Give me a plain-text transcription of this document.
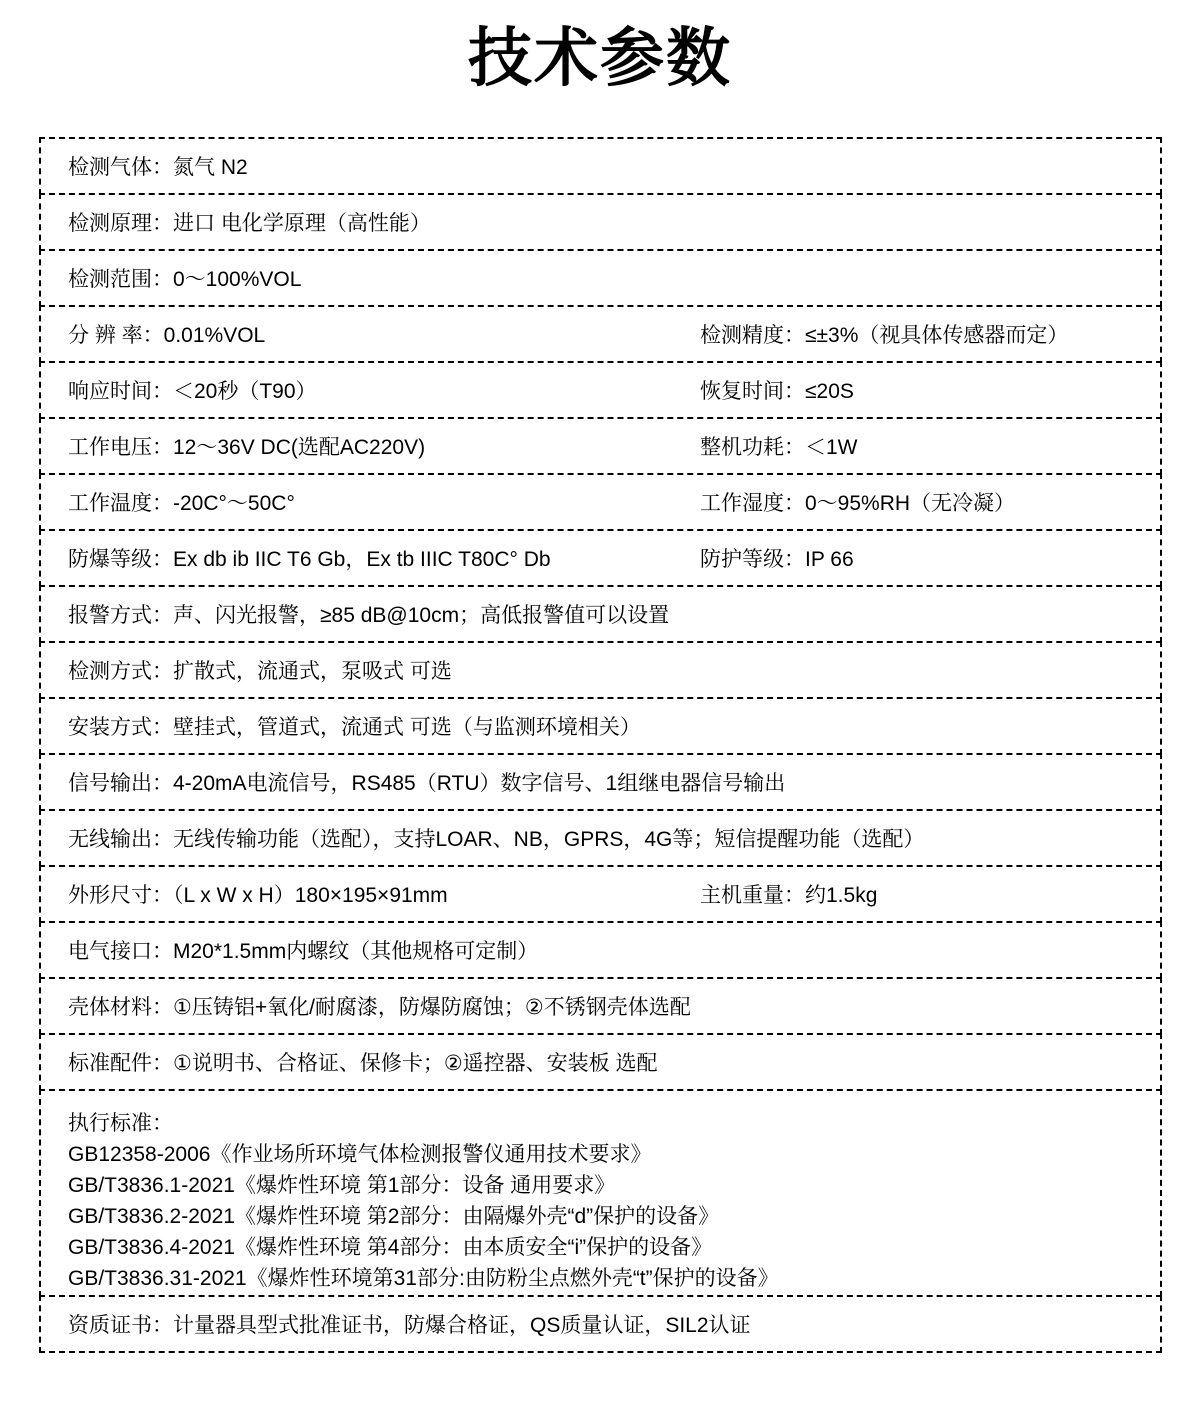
技术参数
检测气体：氮气 N2
检测原理：进口 电化学原理（高性能）
检测范围：0～100%VOL
分 辨 率：0.01%VOL	检测精度：≤±3%（视具体传感器而定）
响应时间：＜20秒（T90）	恢复时间：≤20S
工作电压：12～36V DC(选配AC220V)	整机功耗：＜1W
工作温度：-20C°～50C°	工作湿度：0～95%RH（无冷凝）
防爆等级：Ex db ib IIC T6 Gb，Ex tb IIIC T80C° Db	防护等级：IP 66
报警方式：声、闪光报警，≥85 dB@10cm；高低报警值可以设置
检测方式：扩散式，流通式，泵吸式 可选
安装方式：壁挂式，管道式，流通式 可选（与监测环境相关）
信号输出：4-20mA电流信号，RS485（RTU）数字信号、1组继电器信号输出
无线输出：无线传输功能（选配），支持LOAR、NB，GPRS，4G等；短信提醒功能（选配）
外形尺寸：（L x W x H）180×195×91mm	主机重量：约1.5kg
电气接口：M20*1.5mm内螺纹（其他规格可定制）
壳体材料：①压铸铝+氧化/耐腐漆，防爆防腐蚀；②不锈钢壳体选配
标准配件：①说明书、合格证、保修卡；②遥控器、安装板 选配
执行标准：
GB12358-2006《作业场所环境气体检测报警仪通用技术要求》
GB/T3836.1-2021《爆炸性环境 第1部分：设备 通用要求》
GB/T3836.2-2021《爆炸性环境 第2部分：由隔爆外壳“d”保护的设备》
GB/T3836.4-2021《爆炸性环境 第4部分：由本质安全“i”保护的设备》
GB/T3836.31-2021《爆炸性环境第31部分:由防粉尘点燃外壳“t”保护的设备》
资质证书：计量器具型式批准证书，防爆合格证，QS质量认证，SIL2认证
